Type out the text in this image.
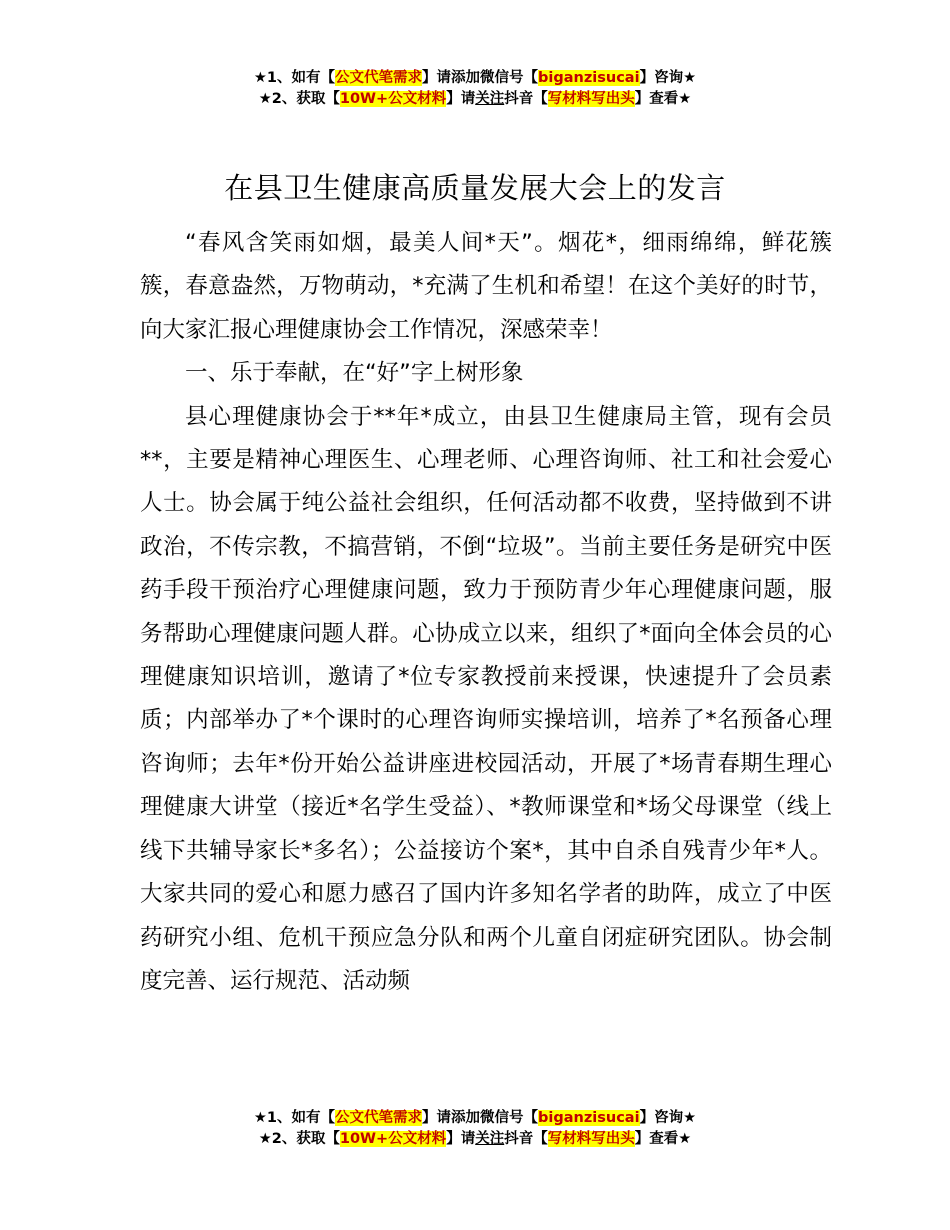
★1、如有【公文代笔需求】请添加微信号【biganzisucai】咨询★
★2、获取【10W+公文材料】请关注抖音【写材料写出头】查看★
在县卫生健康高质量发展大会上的发言

“春风含笑雨如烟，最美人间*天”。烟花*，细雨绵绵，鲜花簇簇，春意盎然，万物萌动，*充满了生机和希望！在这个美好的时节，向大家汇报心理健康协会工作情况，深感荣幸！

一、乐于奉献，在“好”字上树形象

县心理健康协会于**年*成立，由县卫生健康局主管，现有会员**，主要是精神心理医生、心理老师、心理咨询师、社工和社会爱心人士。协会属于纯公益社会组织，任何活动都不收费，坚持做到不讲政治，不传宗教，不搞营销，不倒“垃圾”。当前主要任务是研究中医药手段干预治疗心理健康问题，致力于预防青少年心理健康问题，服务帮助心理健康问题人群。心协成立以来，组织了*面向全体会员的心理健康知识培训，邀请了*位专家教授前来授课，快速提升了会员素质；内部举办了*个课时的心理咨询师实操培训，培养了*名预备心理咨询师；去年*份开始公益讲座进校园活动，开展了*场青春期生理心理健康大讲堂（接近*名学生受益）、*教师课堂和*场父母课堂（线上线下共辅导家长*多名）；公益接访个案*，其中自杀自残青少年*人。大家共同的爱心和愿力感召了国内许多知名学者的助阵，成立了中医药研究小组、危机干预应急分队和两个儿童自闭症研究团队。协会制度完善、运行规范、活动频

★1、如有【公文代笔需求】请添加微信号【biganzisucai】咨询★
★2、获取【10W+公文材料】请关注抖音【写材料写出头】查看★
